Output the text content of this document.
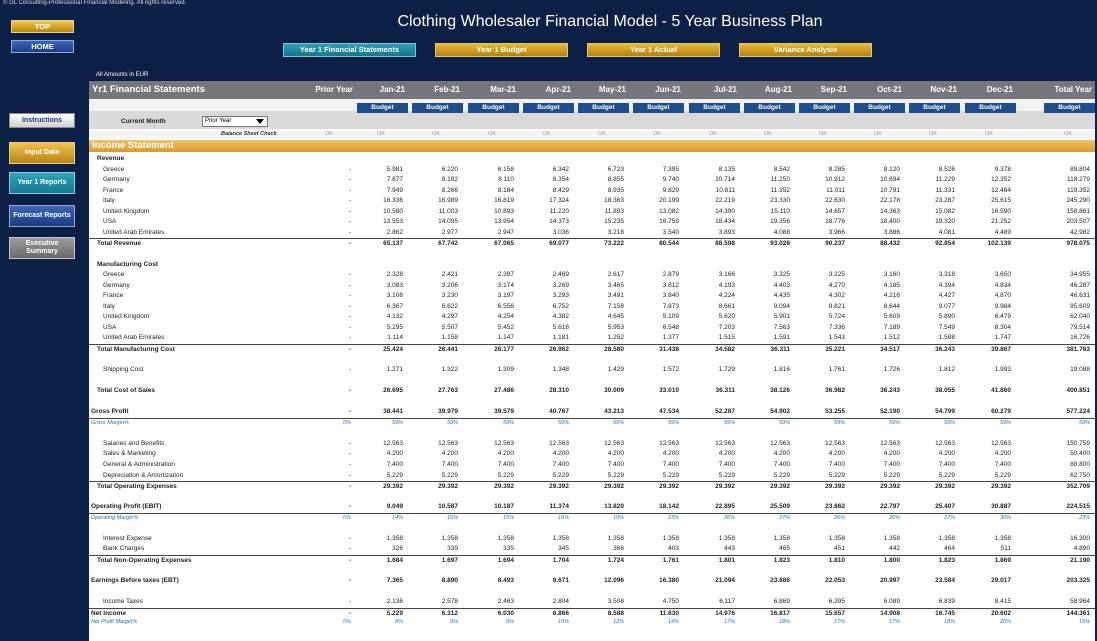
© GL Consulting-Professional Financial Modeling. All rights reserved.
TOP
HOME
Clothing Wholesaler Financial Model - 5 Year Business Plan
Year 1 Financial Statements	Year 1 Budget	Year 1 Actual	Variance Analysis
Instructions
Input Data
Year 1 Reports
Forecast Reports
Executive Summary
All Amounts in EUR
Yr1 Financial Statements	Prior Year	Jan-21	Feb-21	Mar-21	Apr-21	May-21	Jun-21	Jul-21	Aug-21	Sep-21	Oct-21	Nov-21	Dec-21	Total Year
Current Month	Prior Year
Balance Sheet Check	OK	OK	OK	OK	OK	OK	OK	OK	OK	OK	OK	OK	OK	OK
Income Statement
Revenue
Greece	-	5.981	6.220	6.158	6.342	6.723	7.395	8.135	8.542	8.285	8.120	8.526	9.378	89.804
Germany	-	7.877	8.192	8.110	8.354	8.855	9.740	10.714	11.250	10.912	10.694	11.229	12.352	118.279
France	-	7.949	8.266	8.184	8.429	8.935	9.829	10.811	11.352	11.011	10.791	11.331	12.464	119.352
Italy	-	16.336	16.989	16.819	17.324	18.363	20.199	22.219	23.330	22.630	22.178	23.287	25.615	245.290
United Kingdom	-	10.580	11.003	10.893	11.220	11.893	13.082	14.390	15.110	14.657	14.363	15.082	16.590	158.861
USA	-	13.553	14.095	13.954	14.373	15.235	16.759	18.434	19.356	18.776	18.400	19.320	21.252	203.507
United Arab Emirates	-	2.862	2.977	2.947	3.036	3.218	3.540	3.893	4.088	3.966	3.886	4.081	4.489	42.982
Total Revenue	-	65.137	67.742	67.065	69.077	73.222	80.544	88.598	93.028	90.237	88.432	92.854	102.139	978.075
Manufacturing Cost
Greece	-	2.328	2.421	2.397	2.469	2.617	2.879	3.166	3.325	3.225	3.160	3.318	3.650	34.955
Germany	-	3.083	3.206	3.174	3.269	3.465	3.812	4.193	4.403	4.270	4.185	4.394	4.834	46.287
France	-	3.106	3.230	3.197	3.293	3.491	3.840	4.224	4.435	4.302	4.216	4.427	4.870	46.631
Italy	-	6.367	6.622	6.556	6.752	7.158	7.873	8.661	9.094	8.821	8.644	9.077	9.984	95.609
United Kingdom	-	4.132	4.297	4.254	4.382	4.645	5.109	5.620	5.901	5.724	5.609	5.890	6.479	62.040
USA	-	5.295	5.507	5.452	5.616	5.953	6.548	7.203	7.563	7.336	7.189	7.549	8.304	79.514
United Arab Emirates	-	1.114	1.158	1.147	1.181	1.252	1.377	1.515	1.591	1.543	1.512	1.588	1.747	16.726
Total Manufacturing Cost	-	25.424	26.441	26.177	26.962	28.580	31.438	34.582	36.311	35.221	34.517	36.243	39.867	381.763
Shipping Cost	-	1.271	1.322	1.309	1.348	1.429	1.572	1.729	1.816	1.761	1.726	1.812	1.993	19.088
Total Cost of Sales	-	26.695	27.763	27.486	28.310	30.009	33.010	36.311	38.126	36.982	36.243	38.055	41.860	400.851
Gross Profit	-	38.441	39.979	39.579	40.767	43.213	47.534	52.287	54.902	53.255	52.190	54.799	60.279	577.224
Gross Margin%	0%	59%	59%	59%	59%	59%	59%	59%	59%	59%	59%	59%	59%	59%
Salaries and Benefits	-	12.563	12.563	12.563	12.563	12.563	12.563	12.563	12.563	12.563	12.563	12.563	12.563	150.759
Sales & Marketing	-	4.200	4.200	4.200	4.200	4.200	4.200	4.200	4.200	4.200	4.200	4.200	4.200	50.400
General & Administration	-	7.400	7.400	7.400	7.400	7.400	7.400	7.400	7.400	7.400	7.400	7.400	7.400	88.800
Depreciation & Amortization	-	5.229	5.229	5.229	5.229	5.229	5.229	5.229	5.229	5.229	5.229	5.229	5.229	62.750
Total Operating Expenses	-	29.392	29.392	29.392	29.392	29.392	29.392	29.392	29.392	29.392	29.392	29.392	29.392	352.709
Operating Profit (EBIT)	-	9.049	10.587	10.187	11.374	13.820	18.142	22.895	25.509	23.862	22.797	25.407	30.887	224.515
Operating Margin%	0%	14%	16%	15%	16%	19%	23%	26%	27%	26%	26%	27%	30%	23%
Interest Expense	-	1.358	1.358	1.358	1.358	1.358	1.358	1.358	1.358	1.358	1.358	1.358	1.358	16.300
Bank Charges	-	326	339	335	345	366	403	443	465	451	442	464	511	4.890
Total Non-Operating Expenses	-	1.684	1.697	1.694	1.704	1.724	1.761	1.801	1.823	1.810	1.800	1.823	1.869	21.190
Earnings Before taxes (EBT)	-	7.365	8.890	8.493	9.671	12.096	16.380	21.094	23.686	22.053	20.997	23.584	29.017	203.325
Income Taxes	-	2.136	2.578	2.463	2.804	3.508	4.750	6.117	6.869	6.395	6.089	6.839	8.415	58.964
Net Income	-	5.229	6.312	6.030	6.866	8.588	11.630	14.976	16.817	15.657	14.908	16.745	20.602	144.361
Net Profit Margin%	0%	8%	9%	9%	10%	12%	14%	17%	18%	17%	17%	18%	20%	15%
Budget	Budget	Budget	Budget	Budget	Budget	Budget	Budget	Budget	Budget	Budget	Budget	Budget
